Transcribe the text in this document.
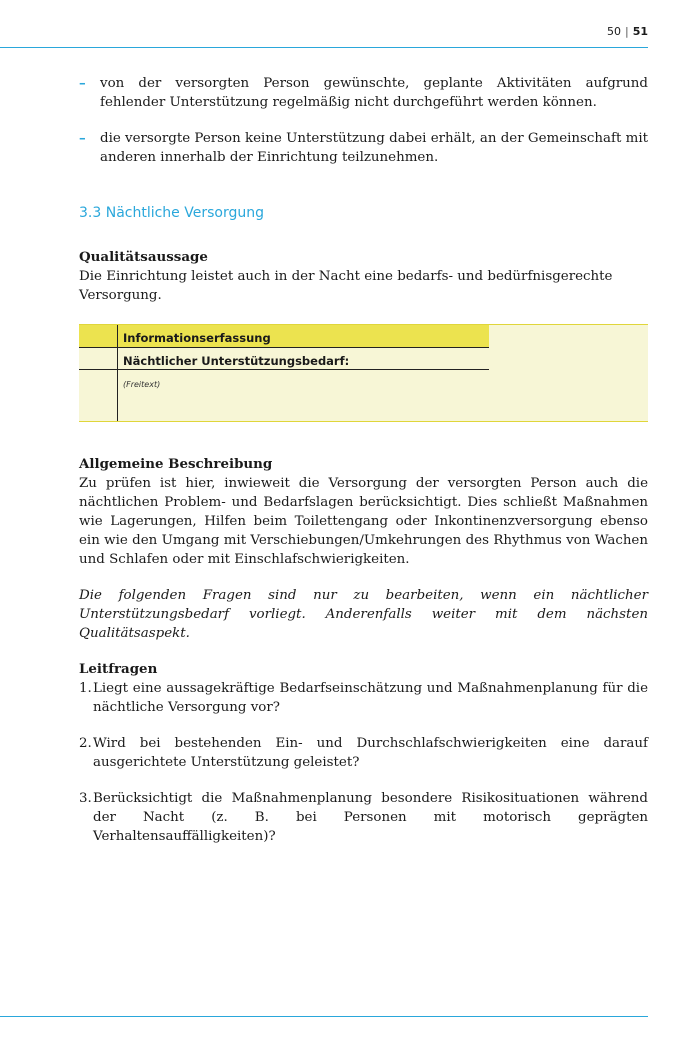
50 | 51

– von der versorgten Person gewünschte, geplante Aktivitäten aufgrund fehlender Unterstützung regelmäßig nicht durchgeführt werden können.

– die versorgte Person keine Unterstützung dabei erhält, an der Gemeinschaft mit anderen innerhalb der Einrichtung teilzunehmen.

3.3 Nächtliche Versorgung

Qualitätsaussage

Die Einrichtung leistet auch in der Nacht eine bedarfs- und bedürfnisgerechte Versorgung.

Informationserfassung
Nächtlicher Unterstützungsbedarf:
(Freitext)

Allgemeine Beschreibung

Zu prüfen ist hier, inwieweit die Versorgung der versorgten Person auch die nächtlichen Problem- und Bedarfslagen berücksichtigt. Dies schließt Maßnahmen wie Lagerungen, Hilfen beim Toilettengang oder Inkontinenzversorgung ebenso ein wie den Umgang mit Verschiebungen/Umkehrungen des Rhythmus von Wachen und Schlafen oder mit Einschlafschwierigkeiten.

Die folgenden Fragen sind nur zu bearbeiten, wenn ein nächtlicher Unterstützungsbedarf vorliegt. Anderenfalls weiter mit dem nächsten Qualitätsaspekt.

Leitfragen

1. Liegt eine aussagekräftige Bedarfseinschätzung und Maßnahmenplanung für die nächtliche Versorgung vor?
2. Wird bei bestehenden Ein- und Durchschlafschwierigkeiten eine darauf ausgerichtete Unterstützung geleistet?
3. Berücksichtigt die Maßnahmenplanung besondere Risikosituationen während der Nacht (z. B. bei Personen mit motorisch geprägten Verhaltensauffälligkeiten)?
